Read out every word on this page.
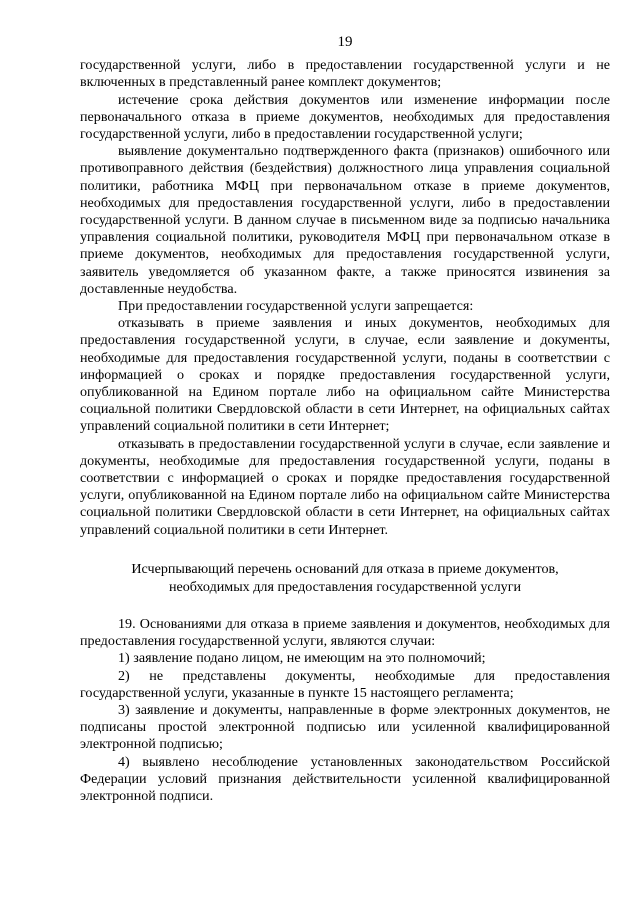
19

государственной услуги, либо в предоставлении государственной услуги и не включенных в представленный ранее комплект документов;

истечение срока действия документов или изменение информации после первоначального отказа в приеме документов, необходимых для предоставления государственной услуги, либо в предоставлении государственной услуги;

выявление документально подтвержденного факта (признаков) ошибочного или противоправного действия (бездействия) должностного лица управления социальной политики, работника МФЦ при первоначальном отказе в приеме документов, необходимых для предоставления государственной услуги, либо в предоставлении государственной услуги. В данном случае в письменном виде за подписью начальника управления социальной политики, руководителя МФЦ при первоначальном отказе в приеме документов, необходимых для предоставления государственной услуги, заявитель уведомляется об указанном факте, а также приносятся извинения за доставленные неудобства.

При предоставлении государственной услуги запрещается:

отказывать в приеме заявления и иных документов, необходимых для предоставления государственной услуги, в случае, если заявление и документы, необходимые для предоставления государственной услуги, поданы в соответствии с информацией о сроках и порядке предоставления государственной услуги, опубликованной на Едином портале либо на официальном сайте Министерства социальной политики Свердловской области в сети Интернет, на официальных сайтах управлений социальной политики в сети Интернет;

отказывать в предоставлении государственной услуги в случае, если заявление и документы, необходимые для предоставления государственной услуги, поданы в соответствии с информацией о сроках и порядке предоставления государственной услуги, опубликованной на Едином портале либо на официальном сайте Министерства социальной политики Свердловской области в сети Интернет, на официальных сайтах управлений социальной политики в сети Интернет.

Исчерпывающий перечень оснований для отказа в приеме документов, необходимых для предоставления государственной услуги

19. Основаниями для отказа в приеме заявления и документов, необходимых для предоставления государственной услуги, являются случаи:

1) заявление подано лицом, не имеющим на это полномочий;

2) не представлены документы, необходимые для предоставления государственной услуги, указанные в пункте 15 настоящего регламента;

3) заявление и документы, направленные в форме электронных документов, не подписаны простой электронной подписью или усиленной квалифицированной электронной подписью;

4) выявлено несоблюдение установленных законодательством Российской Федерации условий признания действительности усиленной квалифицированной электронной подписи.
